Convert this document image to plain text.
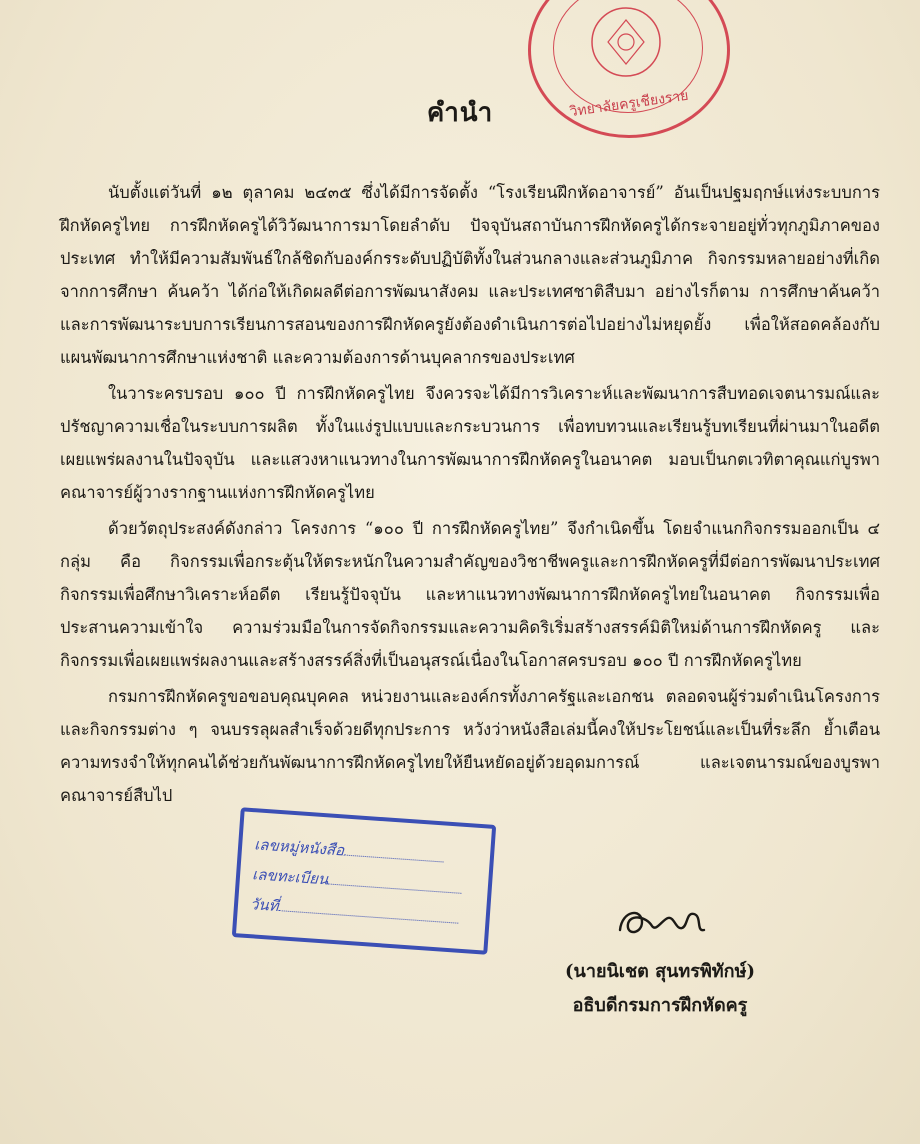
วิทยาลัยครูเชียงราย
คำนำ

นับตั้งแต่วันที่ ๑๒ ตุลาคม ๒๔๓๕ ซึ่งได้มีการจัดตั้ง “โรงเรียนฝึกหัดอาจารย์” อันเป็นปฐมฤกษ์แห่งระบบการฝึกหัดครูไทย การฝึกหัดครูได้วิวัฒนาการมาโดยลำดับ ปัจจุบันสถาบันการฝึกหัดครูได้กระจายอยู่ทั่วทุกภูมิภาคของประเทศ ทำให้มีความสัมพันธ์ใกล้ชิดกับองค์กรระดับปฏิบัติทั้งในส่วนกลางและส่วนภูมิภาค กิจกรรมหลายอย่างที่เกิดจากการศึกษา ค้นคว้า ได้ก่อให้เกิดผลดีต่อการพัฒนาสังคม และประเทศชาติสืบมา อย่างไรก็ตาม การศึกษาค้นคว้าและการพัฒนาระบบการเรียนการสอนของการฝึกหัดครูยังต้องดำเนินการต่อไปอย่างไม่หยุดยั้ง เพื่อให้สอดคล้องกับแผนพัฒนาการศึกษาแห่งชาติ และความต้องการด้านบุคลากรของประเทศ

ในวาระครบรอบ ๑๐๐ ปี การฝึกหัดครูไทย จึงควรจะได้มีการวิเคราะห์และพัฒนาการสืบทอดเจตนารมณ์และปรัชญาความเชื่อในระบบการผลิต ทั้งในแง่รูปแบบและกระบวนการ เพื่อทบทวนและเรียนรู้บทเรียนที่ผ่านมาในอดีต เผยแพร่ผลงานในปัจจุบัน และแสวงหาแนวทางในการพัฒนาการฝึกหัดครูในอนาคต มอบเป็นกตเวทิตาคุณแก่บูรพาคณาจารย์ผู้วางรากฐานแห่งการฝึกหัดครูไทย

ด้วยวัตถุประสงค์ดังกล่าว โครงการ “๑๐๐ ปี การฝึกหัดครูไทย” จึงกำเนิดขึ้น โดยจำแนกกิจกรรมออกเป็น ๔ กลุ่ม คือ กิจกรรมเพื่อกระตุ้นให้ตระหนักในความสำคัญของวิชาชีพครูและการฝึกหัดครูที่มีต่อการพัฒนาประเทศ กิจกรรมเพื่อศึกษาวิเคราะห์อดีต เรียนรู้ปัจจุบัน และหาแนวทางพัฒนาการฝึกหัดครูไทยในอนาคต กิจกรรมเพื่อประสานความเข้าใจ ความร่วมมือในการจัดกิจกรรมและความคิดริเริ่มสร้างสรรค์มิติใหม่ด้านการฝึกหัดครู และกิจกรรมเพื่อเผยแพร่ผลงานและสร้างสรรค์สิ่งที่เป็นอนุสรณ์เนื่องในโอกาสครบรอบ ๑๐๐ ปี การฝึกหัดครูไทย

กรมการฝึกหัดครูขอขอบคุณบุคคล หน่วยงานและองค์กรทั้งภาครัฐและเอกชน ตลอดจนผู้ร่วมดำเนินโครงการและกิจกรรมต่าง ๆ จนบรรลุผลสำเร็จด้วยดีทุกประการ หวังว่าหนังสือเล่มนี้คงให้ประโยชน์และเป็นที่ระลึก ย้ำเตือนความทรงจำให้ทุกคนได้ช่วยกันพัฒนาการฝึกหัดครูไทยให้ยืนหยัดอยู่ด้วยอุดมการณ์ และเจตนารมณ์ของบูรพาคณาจารย์สืบไป

เลขหมู่หนังสือ
เลขทะเบียน
วันที่
(นายนิเชต สุนทรพิทักษ์)
อธิบดีกรมการฝึกหัดครู
